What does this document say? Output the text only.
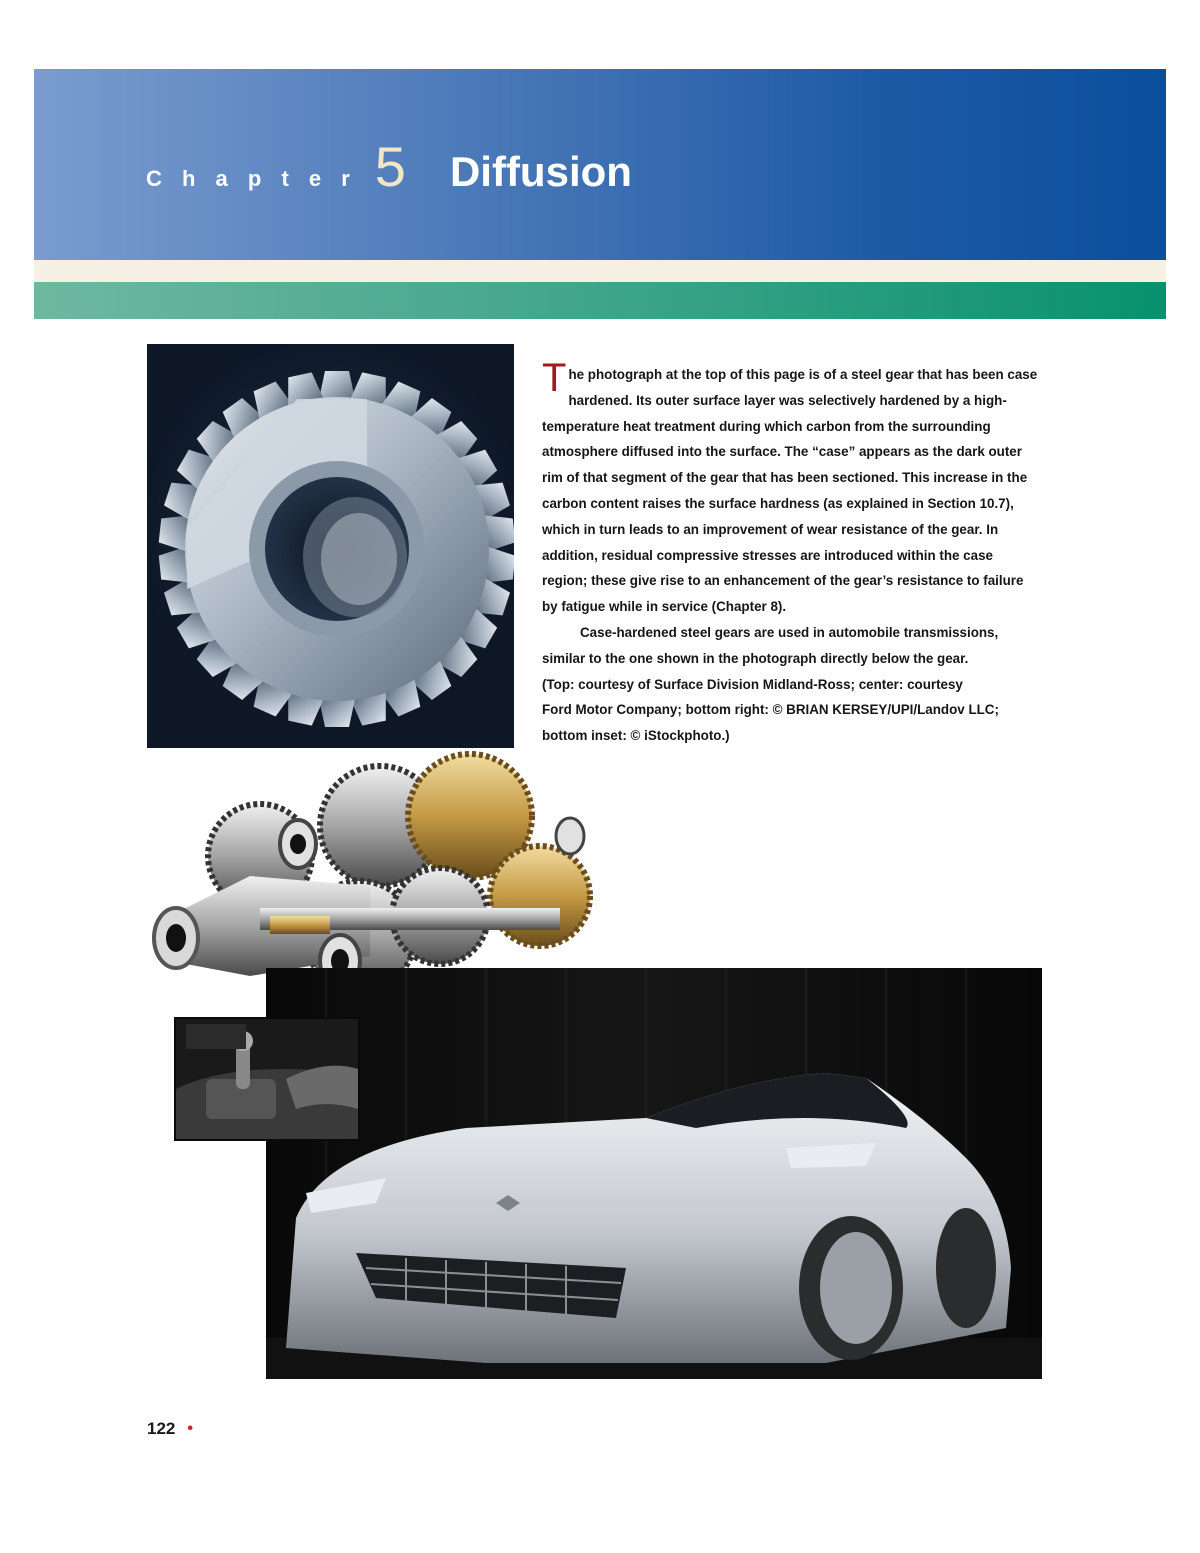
C h a p t e r 5 Diffusion

The photograph at the top of this page is of a steel gear that has been case hardened. Its outer surface layer was selectively hardened by a high-temperature heat treatment during which carbon from the surrounding atmosphere diffused into the surface. The “case” appears as the dark outer rim of that segment of the gear that has been sectioned. This increase in the carbon content raises the surface hardness (as explained in Section 10.7), which in turn leads to an improvement of wear resistance of the gear. In addition, residual compressive stresses are introduced within the case region; these give rise to an enhancement of the gear’s resistance to failure by fatigue while in service (Chapter 8).

Case-hardened steel gears are used in automobile transmissions, similar to the one shown in the photograph directly below the gear.

(Top: courtesy of Surface Division Midland-Ross; center: courtesy

Ford Motor Company; bottom right: © BRIAN KERSEY/UPI/Landov LLC; bottom inset: © iStockphoto.)

122 •
